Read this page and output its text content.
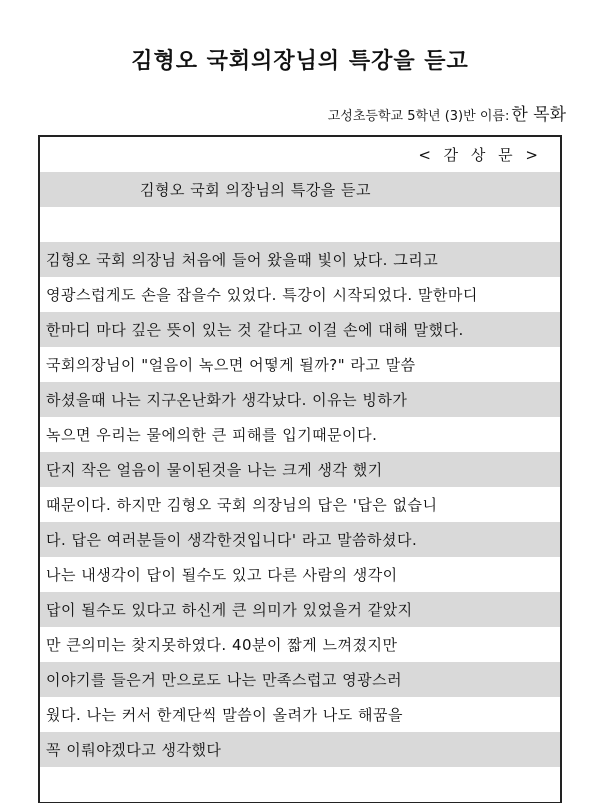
김형오 국회의장님의 특강을 듣고
고성초등학교 5학년 (3)반 이름: 한 목화
< 감 상 문 >
김형오 국회 의장님의 특강을 듣고
김형오 국회 의장님 처음에 들어 왔을때 빛이 났다. 그리고
영광스럽게도 손을 잡을수 있었다. 특강이 시작되었다. 말한마디
한마디 마다 깊은 뜻이 있는 것 같다고 이걸 손에 대해 말했다.
국회의장님이 "얼음이 녹으면 어떻게 될까?" 라고 말씀
하셨을때 나는 지구온난화가 생각났다. 이유는 빙하가
녹으면 우리는 물에의한 큰 피해를 입기때문이다.
단지 작은 얼음이 물이된것을 나는 크게 생각 했기
때문이다. 하지만 김형오 국회 의장님의 답은 '답은 없습니
다. 답은 여러분들이 생각한것입니다' 라고 말씀하셨다.
나는 내생각이 답이 될수도 있고 다른 사람의 생각이
답이 될수도 있다고 하신게 큰 의미가 있었을거 같았지
만 큰의미는 찾지못하였다. 40분이 짧게 느껴졌지만
이야기를 들은거 만으로도 나는 만족스럽고 영광스러
웠다. 나는 커서 한계단씩 말씀이 올려가 나도 해꿈을
꼭 이뤄야겠다고 생각했다
